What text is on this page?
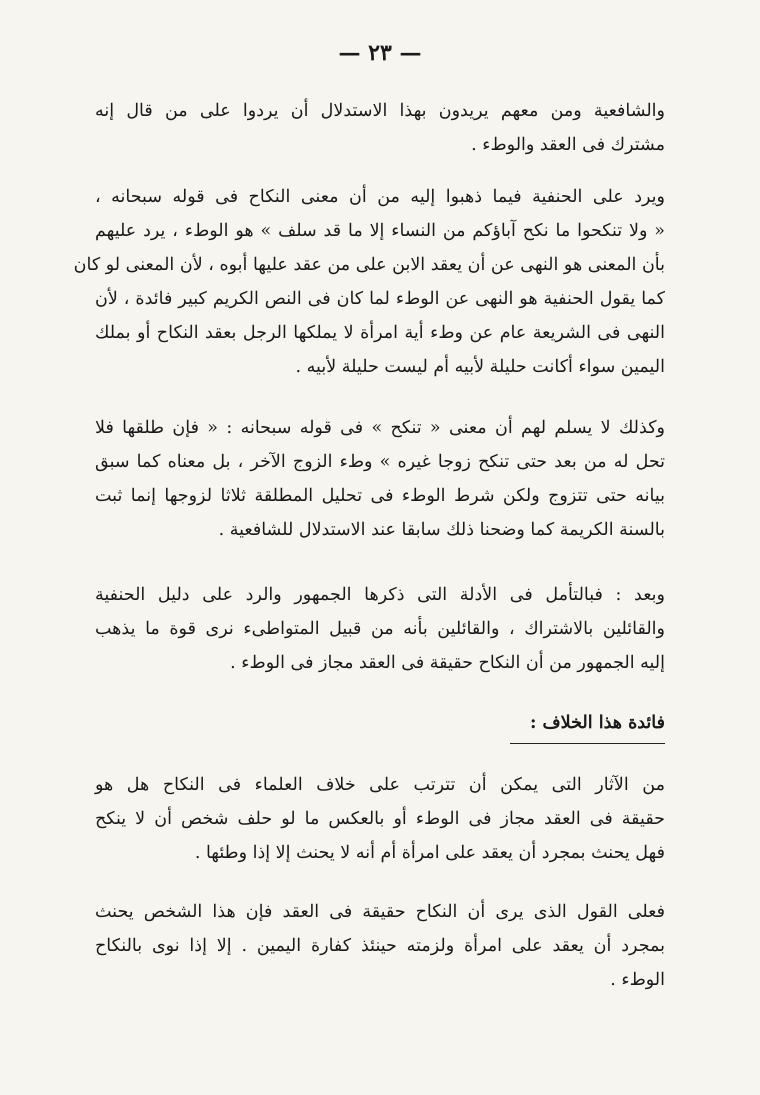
— ٢٣ —
والشافعية ومن معهم يريدون بهذا الاستدلال أن يردوا على من قال إنه
مشترك فى العقد والوطء .
ويرد على الحنفية فيما ذهبوا إليه من أن معنى النكاح فى قوله سبحانه ،
« ولا تنكحوا ما نكح آباؤكم من النساء إلا ما قد سلف » هو الوطء ، يرد عليهم
بأن المعنى هو النهى عن أن يعقد الابن على من عقد عليها أبوه ، لأن المعنى لو كان
كما يقول الحنفية هو النهى عن الوطء لما كان فى النص الكريم كبير فائدة ، لأن
النهى فى الشريعة عام عن وطء أية امرأة لا يملكها الرجل بعقد النكاح أو بملك
اليمين سواء أكانت حليلة لأبيه أم ليست حليلة لأبيه .
وكذلك لا يسلم لهم أن معنى « تنكح » فى قوله سبحانه : « فإن طلقها فلا
تحل له من بعد حتى تنكح زوجا غيره » وطء الزوج الآخر ، بل معناه كما سبق
بيانه حتى تتزوج ولكن شرط الوطء فى تحليل المطلقة ثلاثا لزوجها إنما ثبت
بالسنة الكريمة كما وضحنا ذلك سابقا عند الاستدلال للشافعية .
وبعد : فبالتأمل فى الأدلة التى ذكرها الجمهور والرد على دليل الحنفية
والقائلين بالاشتراك ، والقائلين بأنه من قبيل المتواطىء نرى قوة ما يذهب
إليه الجمهور من أن النكاح حقيقة فى العقد مجاز فى الوطء .
فائدة هذا الخلاف :
من الآثار التى يمكن أن تترتب على خلاف العلماء فى النكاح هل هو
حقيقة فى العقد مجاز فى الوطء أو بالعكس ما لو حلف شخص أن لا ينكح
فهل يحنث بمجرد أن يعقد على امرأة أم أنه لا يحنث إلا إذا وطئها .
فعلى القول الذى يرى أن النكاح حقيقة فى العقد فإن هذا الشخص يحنث
بمجرد أن يعقد على امرأة ولزمته حينئذ كفارة اليمين . إلا إذا نوى بالنكاح
الوطء .
